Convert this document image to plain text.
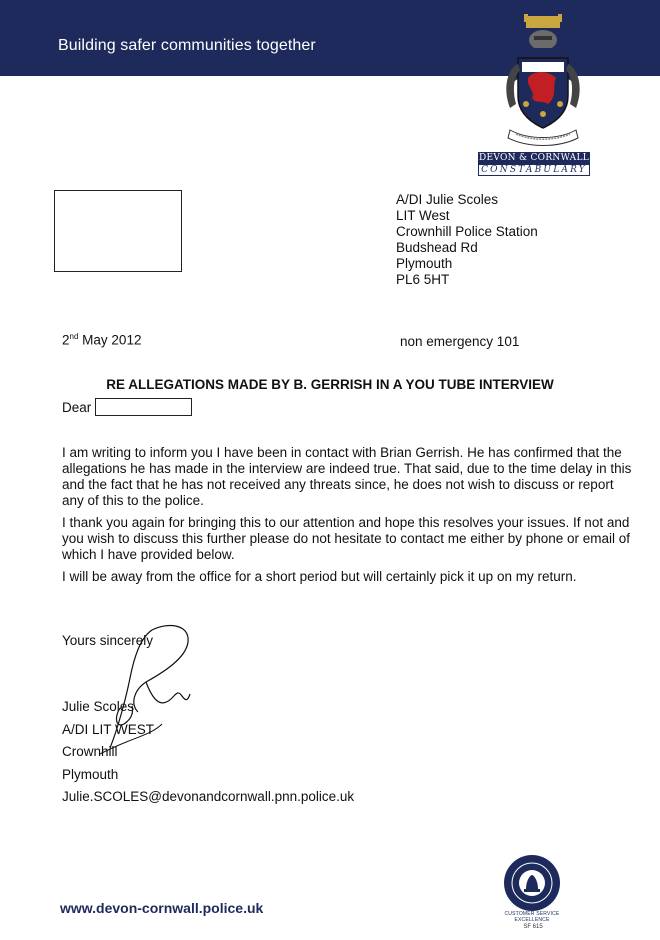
Building safer communities together
DEVON & CORNWALL
CONSTABULARY
A/DI Julie Scoles
LIT West
Crownhill Police Station
Budshead Rd
Plymouth
PL6 5HT
2nd May 2012	non emergency 101
RE ALLEGATIONS MADE BY B. GERRISH IN A YOU TUBE INTERVIEW
Dear
I am writing to inform you I have been in contact with Brian Gerrish. He has confirmed that the allegations he has made in the interview are indeed true. That said, due to the time delay in this and the fact that he has not received any threats since, he does not wish to discuss or report any of this to the police.
I thank you again for bringing this to our attention and hope this resolves your issues. If not and you wish to discuss this further please do not hesitate to contact me either by phone or email of which I have provided below.
I will be away from the office for a short period but will certainly pick it up on my return.
Yours sincerely
Julie Scoles
A/DI LIT WEST
Crownhill
Plymouth
Julie.SCOLES@devonandcornwall.pnn.police.uk
www.devon-cornwall.police.uk	CUSTOMER SERVICE EXCELLENCE
SF 615
